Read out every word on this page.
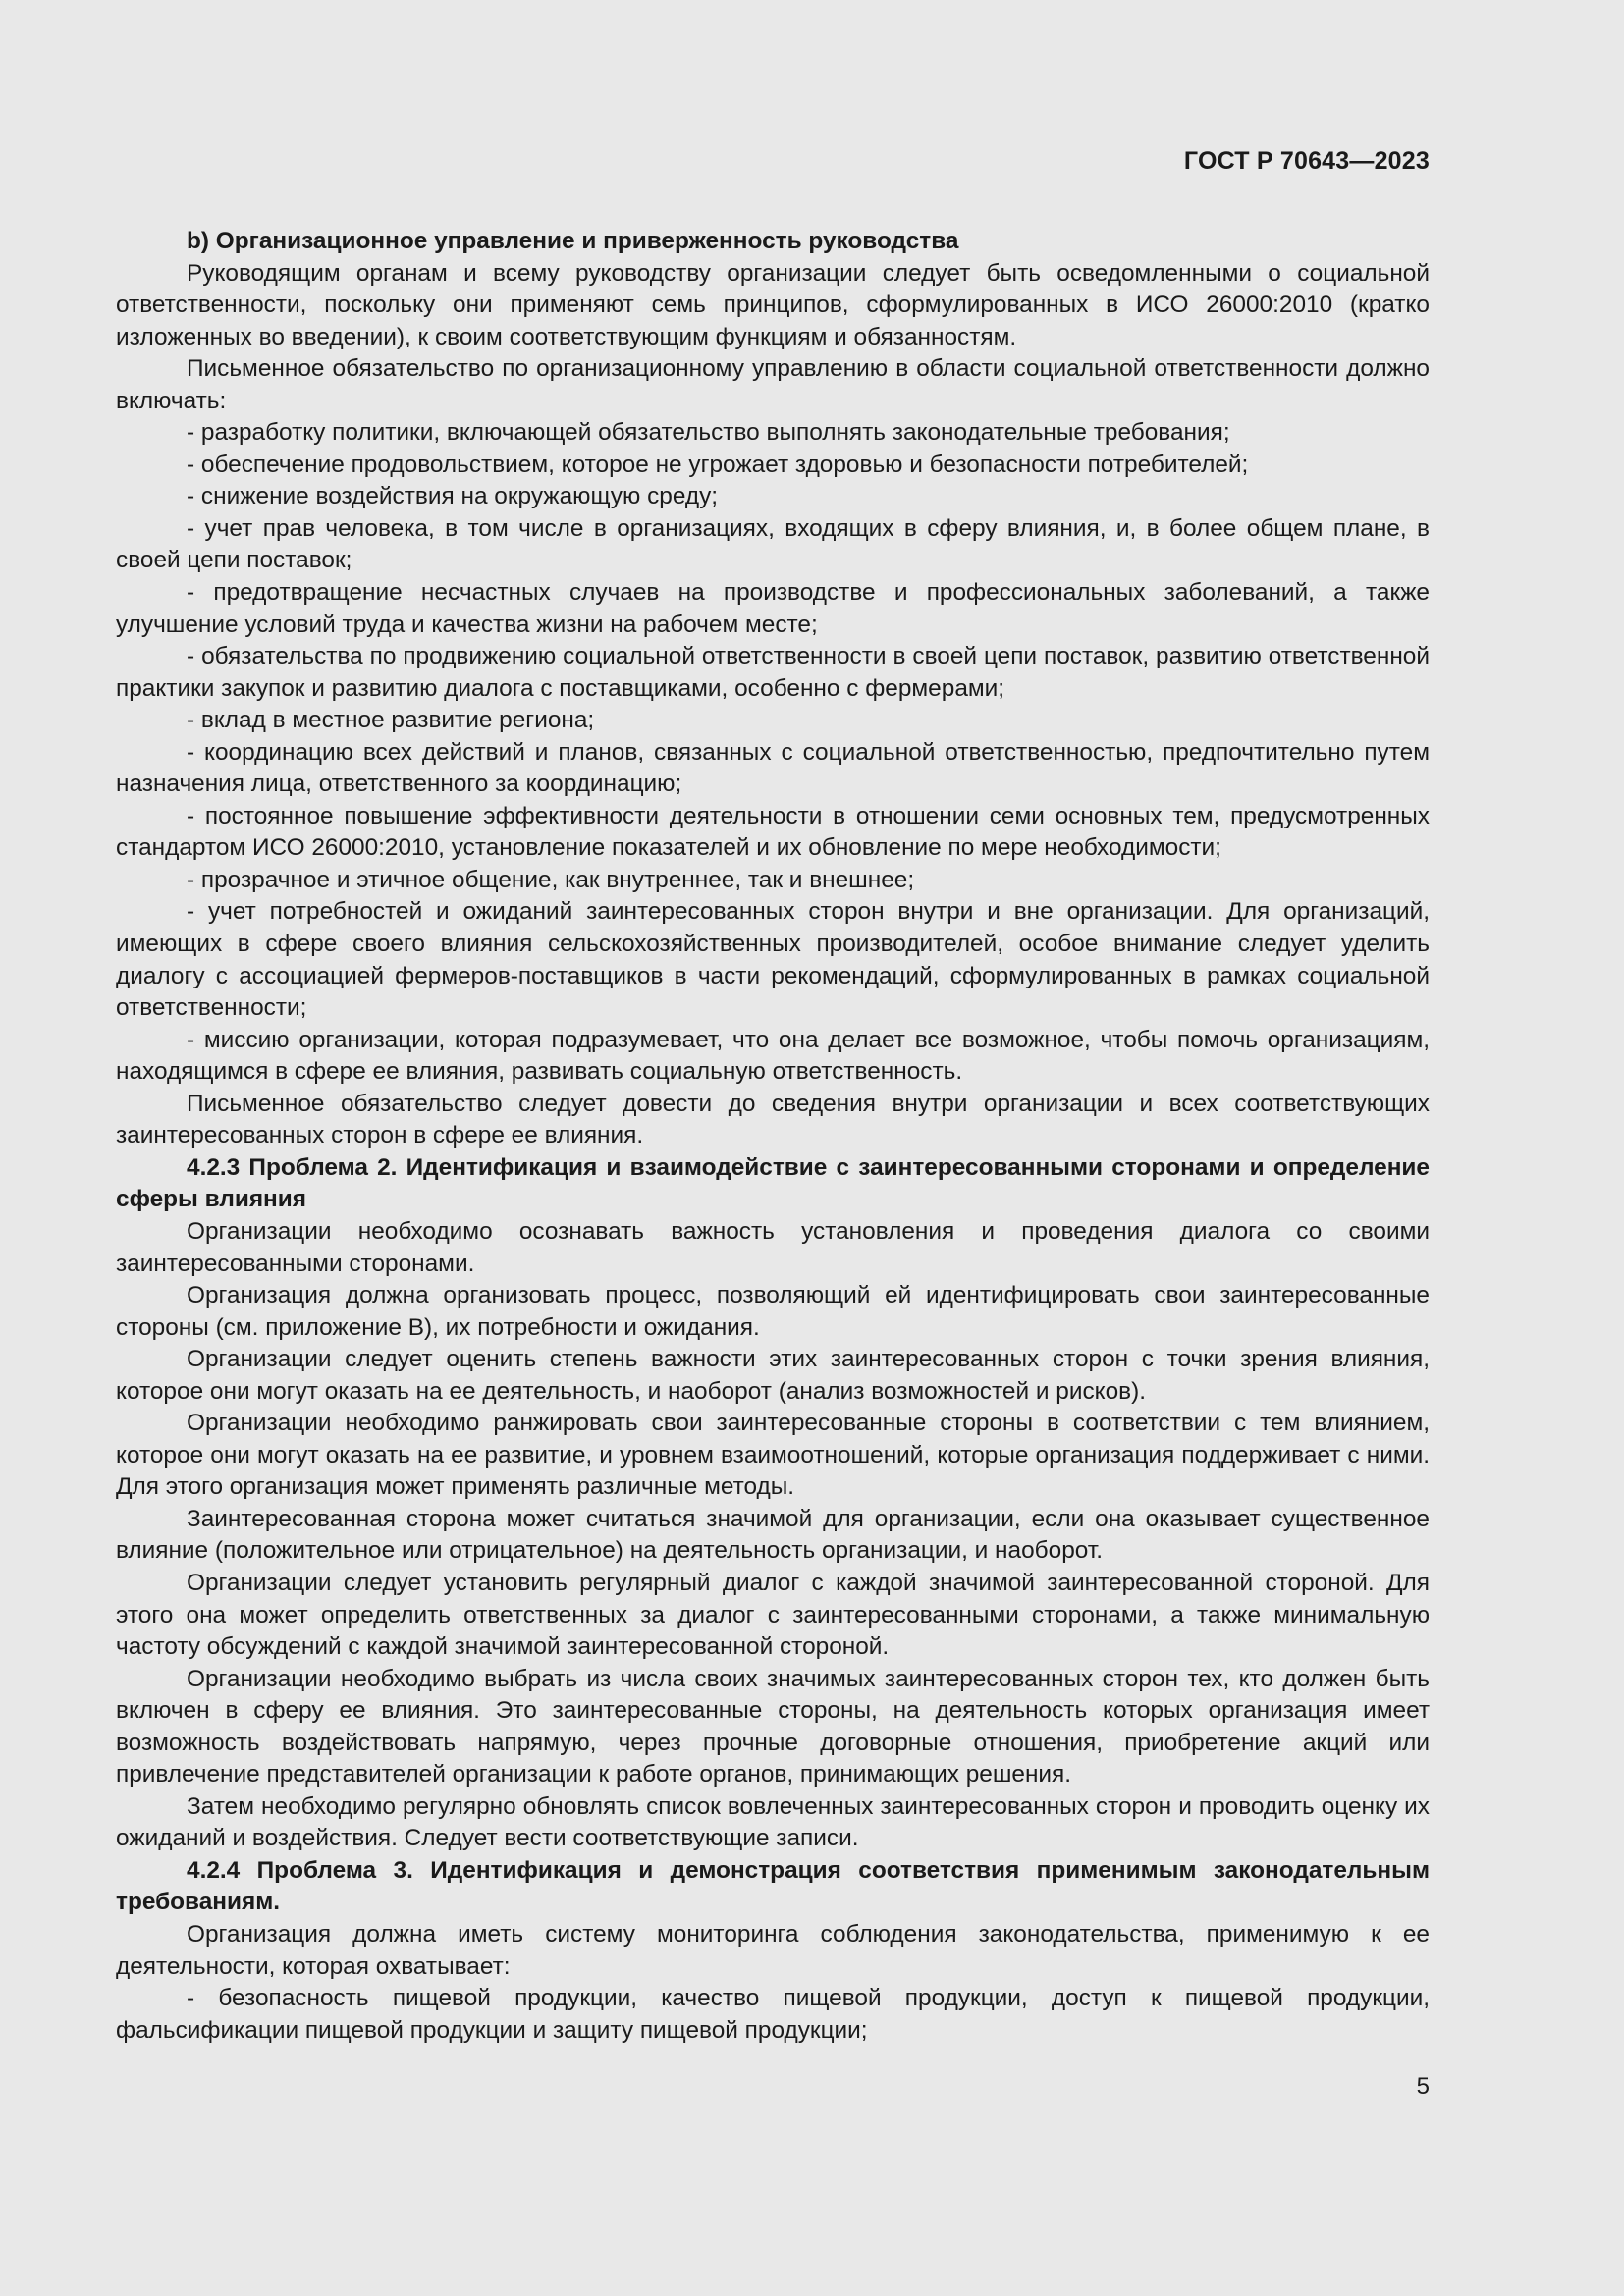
ГОСТ Р 70643—2023

b) Организационное управление и приверженность руководства

Руководящим органам и всему руководству организации следует быть осведомленными о социальной ответственности, поскольку они применяют семь принципов, сформулированных в ИСО 26000:2010 (кратко изложенных во введении), к своим соответствующим функциям и обязанностям.

Письменное обязательство по организационному управлению в области социальной ответственности должно включать:

- разработку политики, включающей обязательство выполнять законодательные требования;

- обеспечение продовольствием, которое не угрожает здоровью и безопасности потребителей;

- снижение воздействия на окружающую среду;

- учет прав человека, в том числе в организациях, входящих в сферу влияния, и, в более общем плане, в своей цепи поставок;

- предотвращение несчастных случаев на производстве и профессиональных заболеваний, а также улучшение условий труда и качества жизни на рабочем месте;

- обязательства по продвижению социальной ответственности в своей цепи поставок, развитию ответственной практики закупок и развитию диалога с поставщиками, особенно с фермерами;

- вклад в местное развитие региона;

- координацию всех действий и планов, связанных с социальной ответственностью, предпочтительно путем назначения лица, ответственного за координацию;

- постоянное повышение эффективности деятельности в отношении семи основных тем, предусмотренных стандартом ИСО 26000:2010, установление показателей и их обновление по мере необходимости;

- прозрачное и этичное общение, как внутреннее, так и внешнее;

- учет потребностей и ожиданий заинтересованных сторон внутри и вне организации. Для организаций, имеющих в сфере своего влияния сельскохозяйственных производителей, особое внимание следует уделить диалогу с ассоциацией фермеров-поставщиков в части рекомендаций, сформулированных в рамках социальной ответственности;

- миссию организации, которая подразумевает, что она делает все возможное, чтобы помочь организациям, находящимся в сфере ее влияния, развивать социальную ответственность.

Письменное обязательство следует довести до сведения внутри организации и всех соответствующих заинтересованных сторон в сфере ее влияния.

4.2.3 Проблема 2. Идентификация и взаимодействие с заинтересованными сторонами и определение сферы влияния

Организации необходимо осознавать важность установления и проведения диалога со своими заинтересованными сторонами.

Организация должна организовать процесс, позволяющий ей идентифицировать свои заинтересованные стороны (см. приложение В), их потребности и ожидания.

Организации следует оценить степень важности этих заинтересованных сторон с точки зрения влияния, которое они могут оказать на ее деятельность, и наоборот (анализ возможностей и рисков).

Организации необходимо ранжировать свои заинтересованные стороны в соответствии с тем влиянием, которое они могут оказать на ее развитие, и уровнем взаимоотношений, которые организация поддерживает с ними. Для этого организация может применять различные методы.

Заинтересованная сторона может считаться значимой для организации, если она оказывает существенное влияние (положительное или отрицательное) на деятельность организации, и наоборот.

Организации следует установить регулярный диалог с каждой значимой заинтересованной стороной. Для этого она может определить ответственных за диалог с заинтересованными сторонами, а также минимальную частоту обсуждений с каждой значимой заинтересованной стороной.

Организации необходимо выбрать из числа своих значимых заинтересованных сторон тех, кто должен быть включен в сферу ее влияния. Это заинтересованные стороны, на деятельность которых организация имеет возможность воздействовать напрямую, через прочные договорные отношения, приобретение акций или привлечение представителей организации к работе органов, принимающих решения.

Затем необходимо регулярно обновлять список вовлеченных заинтересованных сторон и проводить оценку их ожиданий и воздействия. Следует вести соответствующие записи.

4.2.4 Проблема 3. Идентификация и демонстрация соответствия применимым законодательным требованиям.

Организация должна иметь систему мониторинга соблюдения законодательства, применимую к ее деятельности, которая охватывает:

- безопасность пищевой продукции, качество пищевой продукции, доступ к пищевой продукции, фальсификации пищевой продукции и защиту пищевой продукции;

5
